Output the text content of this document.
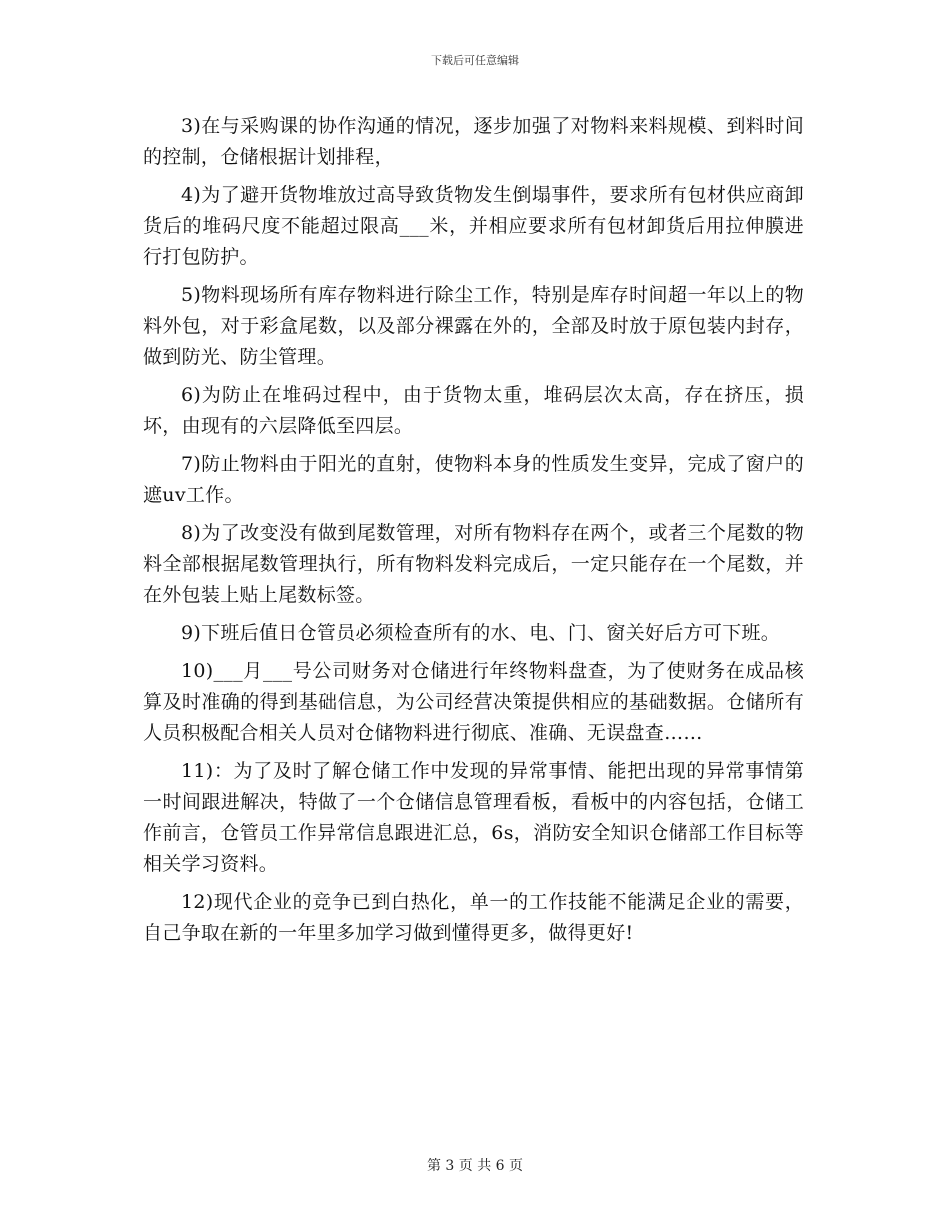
下载后可任意编辑

3)在与采购课的协作沟通的情况，逐步加强了对物料来料规模、到料时间的控制，仓储根据计划排程，

4)为了避开货物堆放过高导致货物发生倒塌事件，要求所有包材供应商卸货后的堆码尺度不能超过限高___米，并相应要求所有包材卸货后用拉伸膜进行打包防护。

5)物料现场所有库存物料进行除尘工作，特别是库存时间超一年以上的物料外包，对于彩盒尾数，以及部分裸露在外的，全部及时放于原包装内封存，做到防光、防尘管理。

6)为防止在堆码过程中，由于货物太重，堆码层次太高，存在挤压，损坏，由现有的六层降低至四层。

7)防止物料由于阳光的直射，使物料本身的性质发生变异，完成了窗户的遮uv工作。

8)为了改变没有做到尾数管理，对所有物料存在两个，或者三个尾数的物料全部根据尾数管理执行，所有物料发料完成后，一定只能存在一个尾数，并在外包装上贴上尾数标签。

9)下班后值日仓管员必须检查所有的水、电、门、窗关好后方可下班。

10)___月___号公司财务对仓储进行年终物料盘查，为了使财务在成品核算及时准确的得到基础信息，为公司经营决策提供相应的基础数据。仓储所有人员积极配合相关人员对仓储物料进行彻底、准确、无误盘查……

11)：为了及时了解仓储工作中发现的异常事情、能把出现的异常事情第一时间跟进解决，特做了一个仓储信息管理看板，看板中的内容包括，仓储工作前言，仓管员工作异常信息跟进汇总，6s，消防安全知识仓储部工作目标等相关学习资料。

12)现代企业的竞争已到白热化，单一的工作技能不能满足企业的需要，自己争取在新的一年里多加学习做到懂得更多，做得更好!

第 3 页 共 6 页
